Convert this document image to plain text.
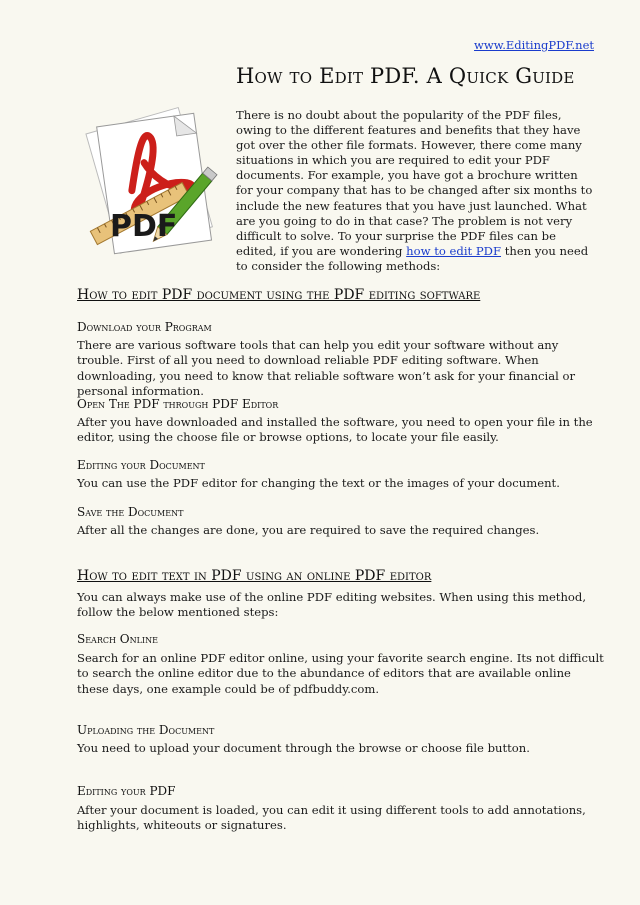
www.EditingPDF.net
How to Edit PDF. A Quick Guide
PDF

There is no doubt about the popularity of the PDF files, owing to the different features and benefits that they have got over the other file formats. However, there come many situations in which you are required to edit your PDF documents. For example, you have got a brochure written for your company that has to be changed after six months to include the new features that you have just launched. What are you going to do in that case? The problem is not very difficult to solve. To your surprise the PDF files can be edited, if you are wondering how to edit PDF then you need to consider the following methods:

How to edit PDF document using the PDF editing software
Download your Program

There are various software tools that can help you edit your software without any trouble. First of all you need to download reliable PDF editing software. When downloading, you need to know that reliable software won’t ask for your financial or personal information.

Open The PDF through PDF Editor

After you have downloaded and installed the software, you need to open your file in the editor, using the choose file or browse options, to locate your file easily.

Editing your Document

You can use the PDF editor for changing the text or the images of your document.

Save the Document

After all the changes are done, you are required to save the required changes.

How to edit text in PDF using an online PDF editor

You can always make use of the online PDF editing websites. When using this method, follow the below mentioned steps:

Search Online

Search for an online PDF editor online, using your favorite search engine. Its not difficult to search the online editor due to the abundance of editors that are available online these days, one example could be of pdfbuddy.com.

Uploading the Document

You need to upload your document through the browse or choose file button.

Editing your PDF

After your document is loaded, you can edit it using different tools to add annotations, highlights, whiteouts or signatures.
